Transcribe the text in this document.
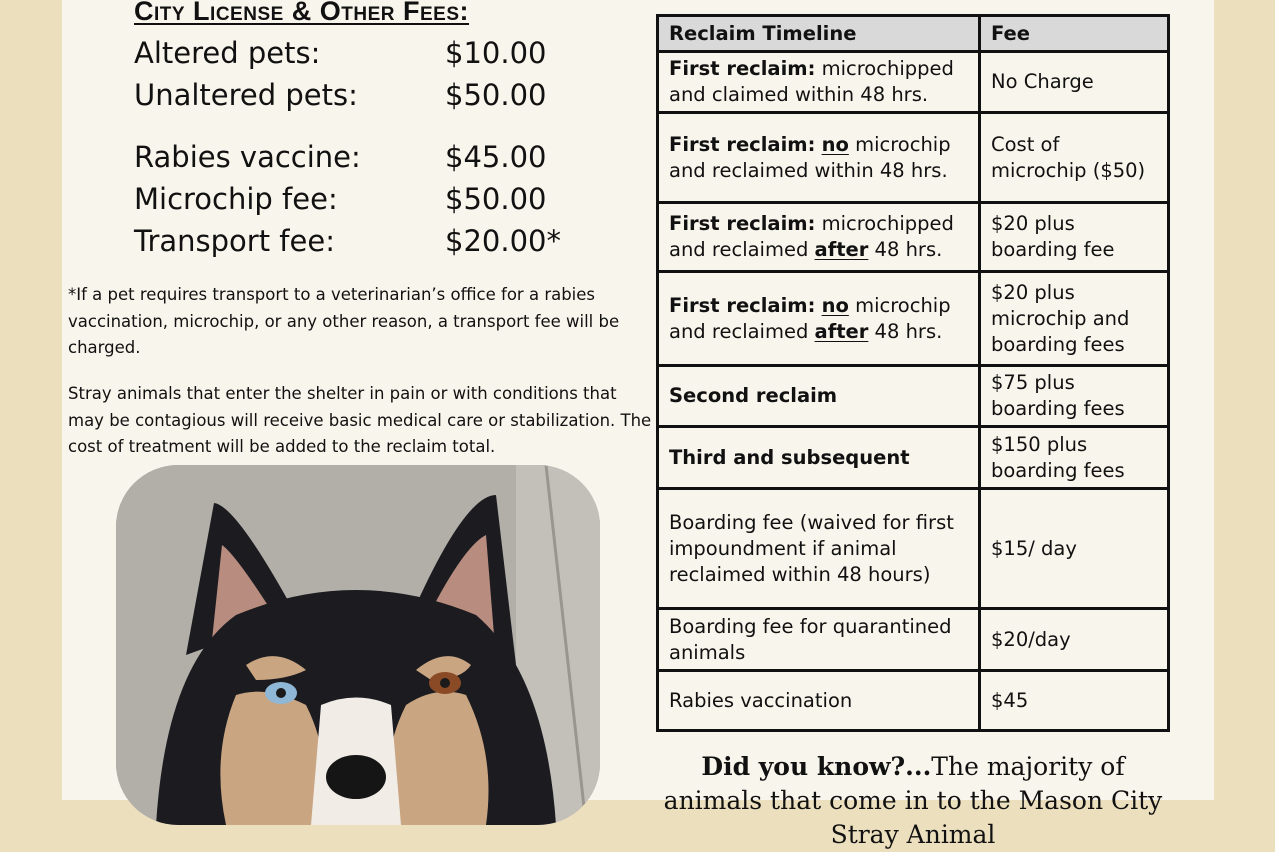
City License & Other Fees:
Altered pets:	$10.00
Unaltered pets:	$50.00
Rabies vaccine:	$45.00
Microchip fee:	$50.00
Transport fee:	$20.00*

*If a pet requires transport to a veterinarian’s office for a rabies vaccination, microchip, or any other reason, a transport fee will be charged.

Stray animals that enter the shelter in pain or with conditions that may be contagious will receive basic medical care or stabilization. The cost of treatment will be added to the reclaim total.

Reclaim Timeline	Fee
First reclaim: microchipped and claimed within 48 hrs.	No Charge
First reclaim: no microchip and reclaimed within 48 hrs.	Cost of microchip ($50)
First reclaim: microchipped and reclaimed after 48 hrs.	$20 plus boarding fee
First reclaim: no microchip and reclaimed after 48 hrs.	$20 plus microchip and boarding fees
Second reclaim	$75 plus boarding fees
Third and subsequent	$150 plus boarding fees
Boarding fee (waived for first impoundment if animal reclaimed within 48 hours)	$15/ day
Boarding fee for quarantined animals	$20/day
Rabies vaccination	$45
Did you know?...The majority of animals that come in to the Mason City Stray Animal
